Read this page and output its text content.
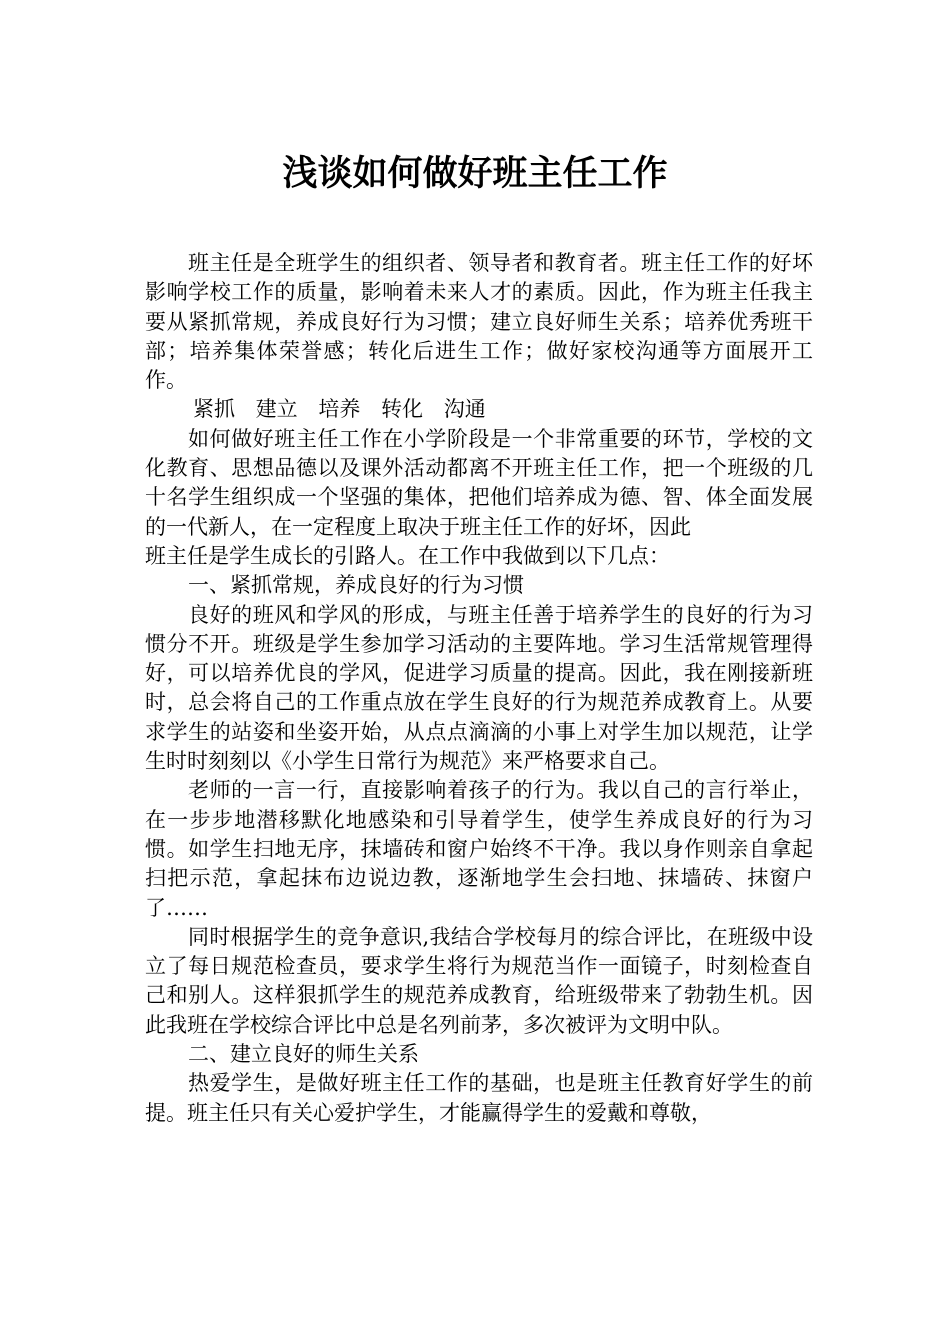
浅谈如何做好班主任工作

班主任是全班学生的组织者、领导者和教育者。班主任工作的好坏影响学校工作的质量，影响着未来人才的素质。因此，作为班主任我主要从紧抓常规，养成良好行为习惯；建立良好师生关系；培养优秀班干部；培养集体荣誉感；转化后进生工作；做好家校沟通等方面展开工作。

紧抓 建立 培养 转化 沟通

如何做好班主任工作在小学阶段是一个非常重要的环节，学校的文化教育、思想品德以及课外活动都离不开班主任工作，把一个班级的几十名学生组织成一个坚强的集体，把他们培养成为德、智、体全面发展的一代新人，在一定程度上取决于班主任工作的好坏，因此

班主任是学生成长的引路人。在工作中我做到以下几点：

一、紧抓常规，养成良好的行为习惯

良好的班风和学风的形成，与班主任善于培养学生的良好的行为习惯分不开。班级是学生参加学习活动的主要阵地。学习生活常规管理得好，可以培养优良的学风，促进学习质量的提高。因此，我在刚接新班时，总会将自己的工作重点放在学生良好的行为规范养成教育上。从要求学生的站姿和坐姿开始，从点点滴滴的小事上对学生加以规范，让学生时时刻刻以《小学生日常行为规范》来严格要求自己。

老师的一言一行，直接影响着孩子的行为。我以自己的言行举止，在一步步地潜移默化地感染和引导着学生，使学生养成良好的行为习惯。如学生扫地无序，抹墙砖和窗户始终不干净。我以身作则亲自拿起扫把示范，拿起抹布边说边教，逐渐地学生会扫地、抹墙砖、抹窗户了……

同时根据学生的竞争意识,我结合学校每月的综合评比，在班级中设立了每日规范检查员，要求学生将行为规范当作一面镜子，时刻检查自己和别人。这样狠抓学生的规范养成教育，给班级带来了勃勃生机。因此我班在学校综合评比中总是名列前茅，多次被评为文明中队。

二、建立良好的师生关系

热爱学生，是做好班主任工作的基础，也是班主任教育好学生的前提。班主任只有关心爱护学生，才能赢得学生的爱戴和尊敬，
